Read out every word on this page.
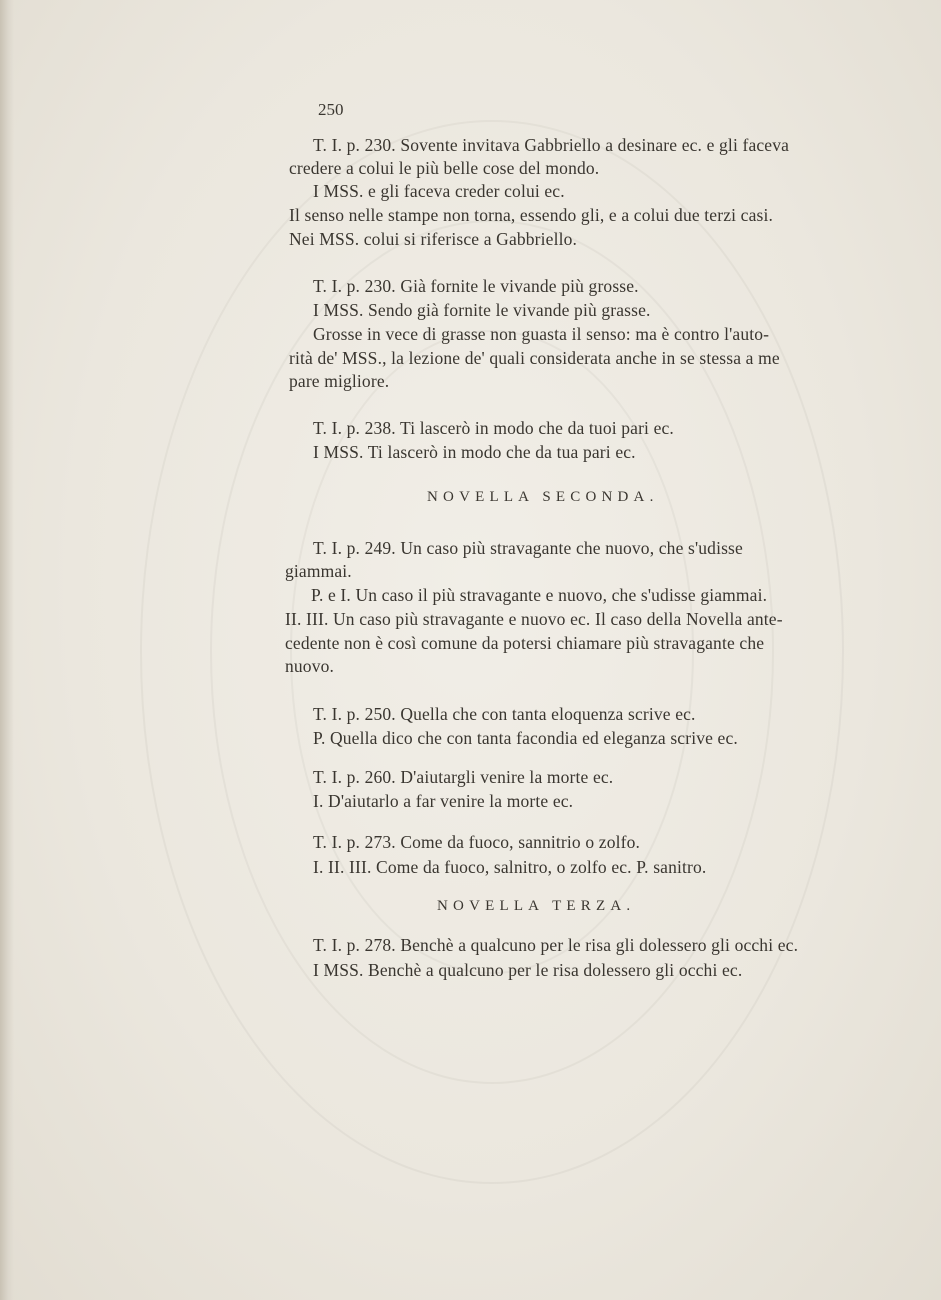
250
T. I. p. 230. Sovente invitava Gabbriello a desinare ec. e gli faceva
credere a colui le più belle cose del mondo.
I MSS. e gli faceva creder colui ec.
Il senso nelle stampe non torna, essendo gli, e a colui due terzi casi.
Nei MSS. colui si riferisce a Gabbriello.
T. I. p. 230. Già fornite le vivande più grosse.
I MSS. Sendo già fornite le vivande più grasse.
Grosse in vece di grasse non guasta il senso: ma è contro l'auto-
rità de' MSS., la lezione de' quali considerata anche in se stessa a me
pare migliore.
T. I. p. 238. Ti lascerò in modo che da tuoi pari ec.
I MSS. Ti lascerò in modo che da tua pari ec.
NOVELLA SECONDA.
T. I. p. 249. Un caso più stravagante che nuovo, che s'udisse
giammai.
P. e I. Un caso il più stravagante e nuovo, che s'udisse giammai.
II. III. Un caso più stravagante e nuovo ec. Il caso della Novella ante-
cedente non è così comune da potersi chiamare più stravagante che
nuovo.
T. I. p. 250. Quella che con tanta eloquenza scrive ec.
P. Quella dico che con tanta facondia ed eleganza scrive ec.
T. I. p. 260. D'aiutargli venire la morte ec.
I. D'aiutarlo a far venire la morte ec.
T. I. p. 273. Come da fuoco, sannitrio o zolfo.
I. II. III. Come da fuoco, salnitro, o zolfo ec. P. sanitro.
NOVELLA TERZA.
T. I. p. 278. Benchè a qualcuno per le risa gli dolessero gli occhi ec.
I MSS. Benchè a qualcuno per le risa dolessero gli occhi ec.
